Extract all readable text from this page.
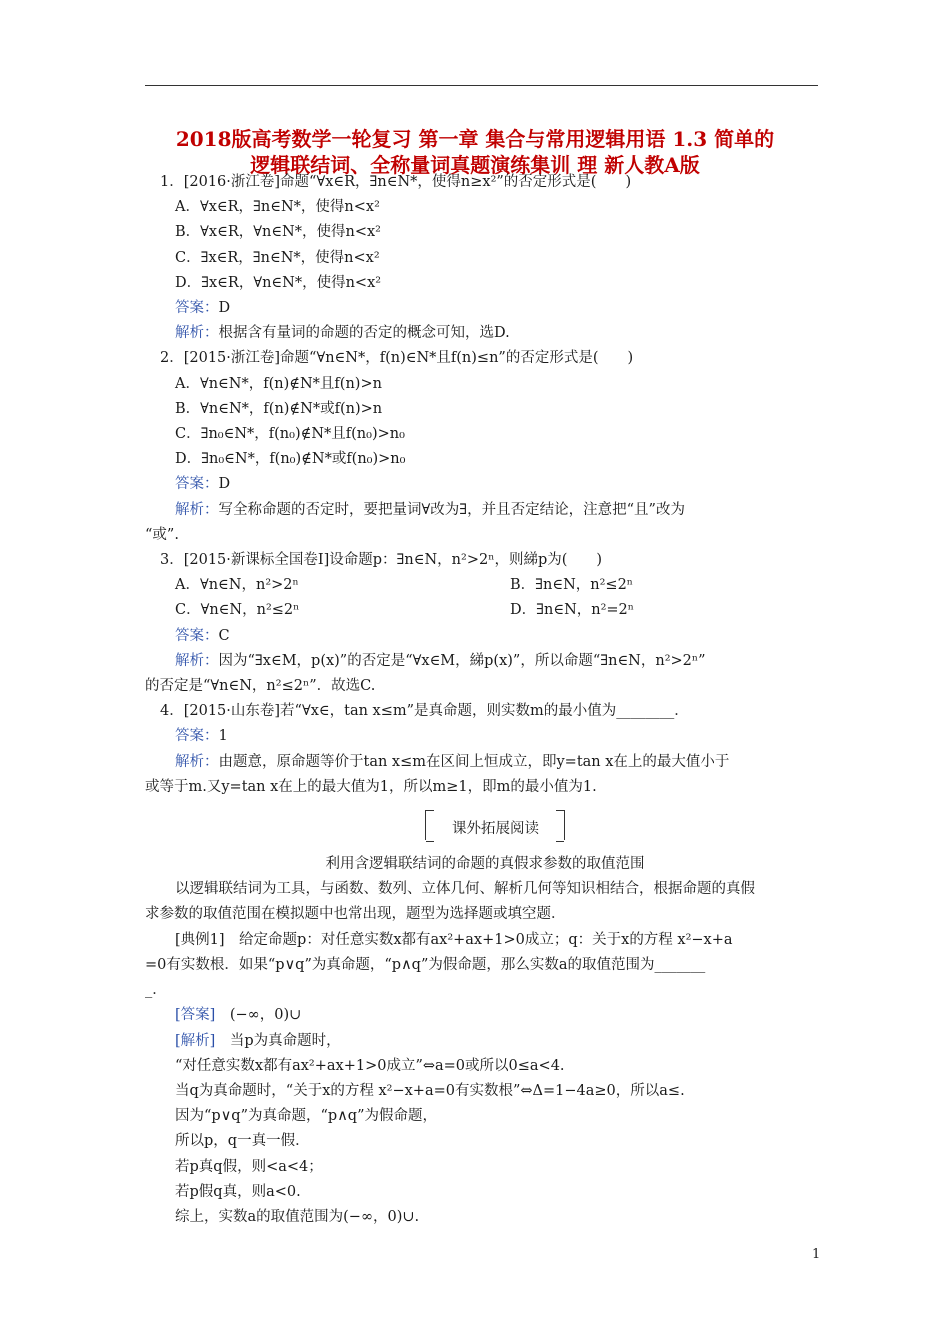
2018版高考数学一轮复习 第一章 集合与常用逻辑用语 1.3 简单的
逻辑联结词、全称量词真题演练集训 理 新人教A版
1．[2016·浙江卷]命题“∀x∈R，∃n∈N*，使得n≥x²”的否定形式是(　　)
A．∀x∈R，∃n∈N*，使得n<x²
B．∀x∈R，∀n∈N*，使得n<x²
C．∃x∈R，∃n∈N*，使得n<x²
D．∃x∈R，∀n∈N*，使得n<x²
答案：D
解析：根据含有量词的命题的否定的概念可知，选D.
2．[2015·浙江卷]命题“∀n∈N*，f(n)∈N*且f(n)≤n”的否定形式是(　　)
A．∀n∈N*，f(n)∉N*且f(n)>n
B．∀n∈N*，f(n)∉N*或f(n)>n
C．∃n₀∈N*，f(n₀)∉N*且f(n₀)>n₀
D．∃n₀∈N*，f(n₀)∉N*或f(n₀)>n₀
答案：D
解析：写全称命题的否定时，要把量词∀改为∃，并且否定结论，注意把“且”改为
“或”.
3．[2015·新课标全国卷Ⅰ]设命题p：∃n∈N，n²>2ⁿ，则綈p为(　　)
A．∀n∈N，n²>2ⁿ	B．∃n∈N，n²≤2ⁿ
C．∀n∈N，n²≤2ⁿ	D．∃n∈N，n²=2ⁿ
答案：C
解析：因为“∃x∈M，p(x)”的否定是“∀x∈M，綈p(x)”，所以命题“∃n∈N，n²>2ⁿ”
的否定是“∀n∈N，n²≤2ⁿ”．故选C.
4．[2015·山东卷]若“∀x∈，tan x≤m”是真命题，则实数m的最小值为________．
答案：1
解析：由题意，原命题等价于tan x≤m在区间上恒成立，即y=tan x在上的最大值小于
或等于m.又y=tan x在上的最大值为1，所以m≥1，即m的最小值为1.
课外拓展阅读
利用含逻辑联结词的命题的真假求参数的取值范围
以逻辑联结词为工具，与函数、数列、立体几何、解析几何等知识相结合，根据命题的真假
求参数的取值范围在模拟题中也常出现，题型为选择题或填空题．
[典例1]　给定命题p：对任意实数x都有ax²+ax+1>0成立；q：关于x的方程 x²−x+a
=0有实数根．如果“p∨q”为真命题，“p∧q”为假命题，那么实数a的取值范围为_______
_．
[答案]　(−∞，0)∪
[解析]　当p为真命题时，
“对任意实数x都有ax²+ax+1>0成立”⇔a=0或所以0≤a<4.
当q为真命题时，“关于x的方程 x²−x+a=0有实数根”⇔Δ=1−4a≥0，所以a≤.
因为“p∨q”为真命题，“p∧q”为假命题，
所以p，q一真一假．
若p真q假，则<a<4；
若p假q真，则a<0.
综上，实数a的取值范围为(−∞，0)∪.
1
